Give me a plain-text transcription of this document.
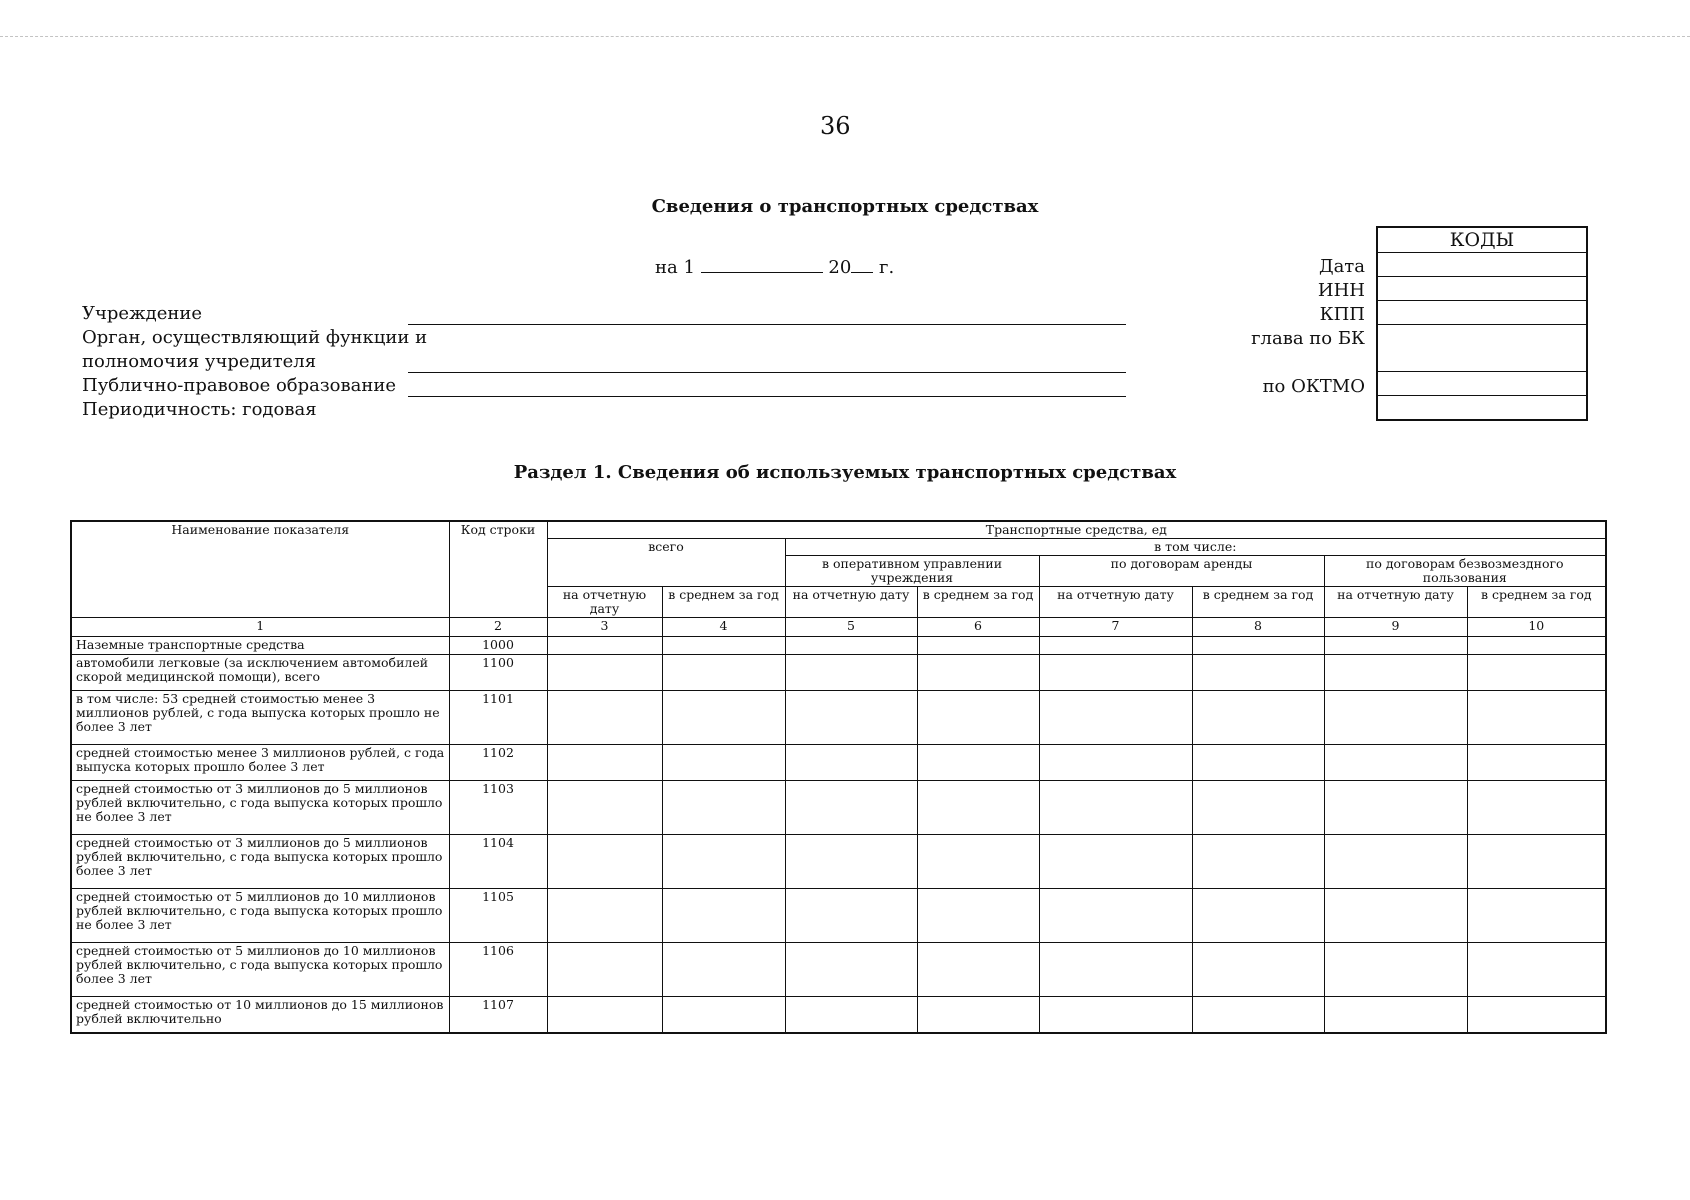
36
Сведения о транспортных средствах
на 1	20 г.
Учреждение
Орган, осуществляющий функции и
полномочия учредителя
Публично-правовое образование
Периодичность: годовая
Дата
ИНН
КПП
глава по БК
по ОКТМО
КОДЫ
Раздел 1. Сведения об используемых транспортных средствах
Наименование показателя	Код строки	Транспортные средства, ед							
		всего		в том числе:					
				в оперативном управлении учреждения		по договорам аренды		по договорам безвозмездного пользования	
		на отчетную дату	в среднем за год	на отчетную дату	в среднем за год	на отчетную дату	в среднем за год	на отчетную дату	в среднем за год
1	2	3	4	5	6	7	8	9	10
Наземные транспортные средства	1000								
автомобили легковые (за исключением автомобилей скорой медицинской помощи), всего	1100								
в том числе: 53 средней стоимостью менее 3 миллионов рублей, с года выпуска которых прошло не более 3 лет	1101								
средней стоимостью менее 3 миллионов рублей, с года выпуска которых прошло более 3 лет	1102								
средней стоимостью от 3 миллионов до 5 миллионов рублей включительно, с года выпуска которых прошло не более 3 лет	1103								
средней стоимостью от 3 миллионов до 5 миллионов рублей включительно, с года выпуска которых прошло более 3 лет	1104								
средней стоимостью от 5 миллионов до 10 миллионов рублей включительно, с года выпуска которых прошло не более 3 лет	1105								
средней стоимостью от 5 миллионов до 10 миллионов рублей включительно, с года выпуска которых прошло более 3 лет	1106								
средней стоимостью от 10 миллионов до 15 миллионов рублей включительно	1107								
